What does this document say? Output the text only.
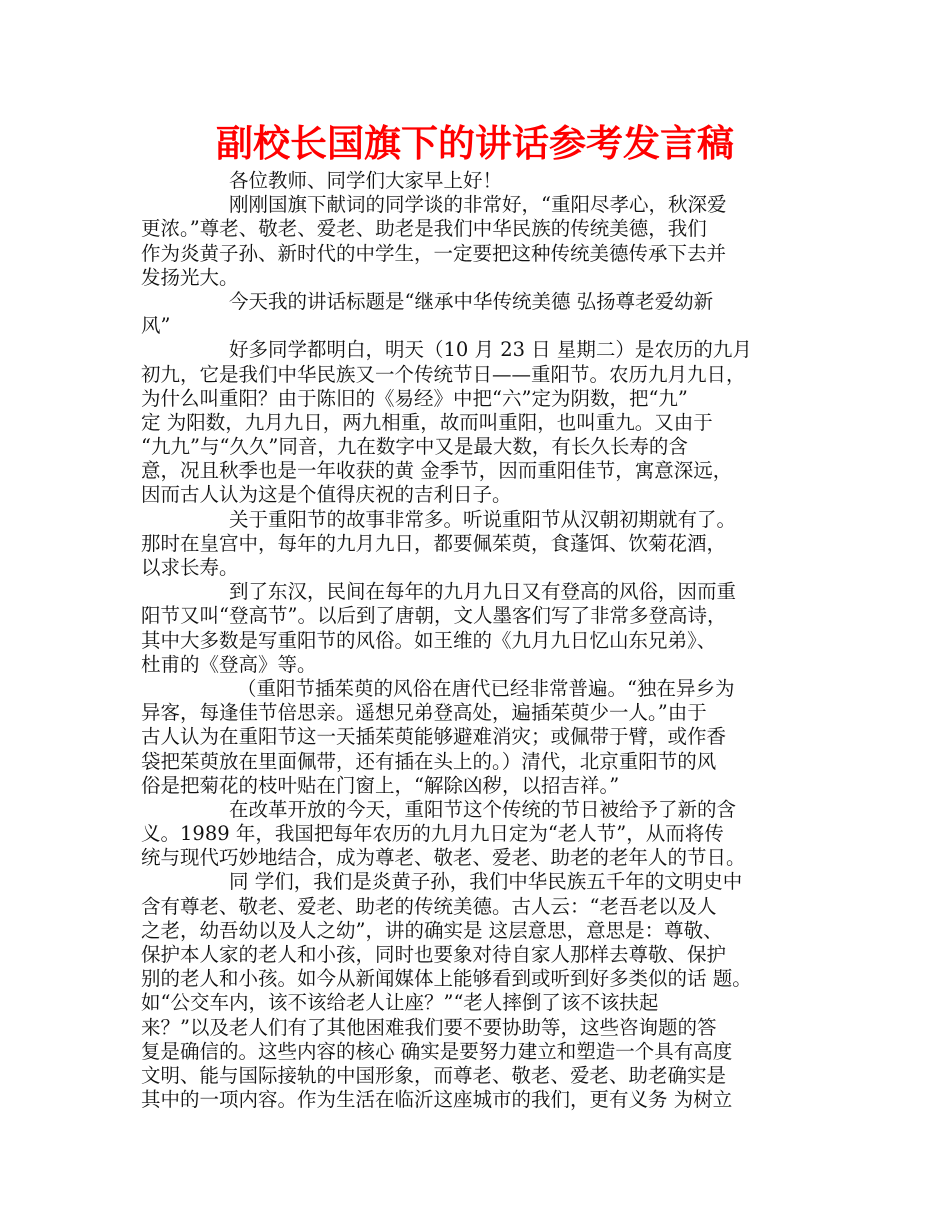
副校长国旗下的讲话参考发言稿
各位教师、同学们大家早上好！
刚刚国旗下献词的同学谈的非常好，“重阳尽孝心，秋深爱
更浓。”尊老、敬老、爱老、助老是我们中华民族的传统美德，我们
作为炎黄子孙、新时代的中学生，一定要把这种传统美德传承下去并
发扬光大。
今天我的讲话标题是“继承中华传统美德 弘扬尊老爱幼新
风”
好多同学都明白，明天（10 月 23 日 星期二）是农历的九月
初九，它是我们中华民族又一个传统节日——重阳节。农历九月九日，
为什么叫重阳？由于陈旧的《易经》中把“六”定为阴数，把“九”
定 为阳数，九月九日，两九相重，故而叫重阳，也叫重九。又由于
“九九”与“久久”同音，九在数字中又是最大数，有长久长寿的含
意，况且秋季也是一年收获的黄 金季节，因而重阳佳节，寓意深远，
因而古人认为这是个值得庆祝的吉利日子。
关于重阳节的故事非常多。听说重阳节从汉朝初期就有了。
那时在皇宫中，每年的九月九日，都要佩茱萸，食蓬饵、饮菊花酒，
以求长寿。
到了东汉，民间在每年的九月九日又有登高的风俗，因而重
阳节又叫“登高节”。以后到了唐朝，文人墨客们写了非常多登高诗，
其中大多数是写重阳节的风俗。如王维的《九月九日忆山东兄弟》、
杜甫的《登高》等。
（重阳节插茱萸的风俗在唐代已经非常普遍。“独在异乡为
异客，每逢佳节倍思亲。遥想兄弟登高处，遍插茱萸少一人。”由于
古人认为在重阳节这一天插茱萸能够避难消灾；或佩带于臂，或作香
袋把茱萸放在里面佩带，还有插在头上的。）清代，北京重阳节的风
俗是把菊花的枝叶贴在门窗上，“解除凶秽，以招吉祥。”
在改革开放的今天，重阳节这个传统的节日被给予了新的含
义。1989 年，我国把每年农历的九月九日定为“老人节”，从而将传
统与现代巧妙地结合，成为尊老、敬老、爱老、助老的老年人的节日。
同 学们，我们是炎黄子孙，我们中华民族五千年的文明史中
含有尊老、敬老、爱老、助老的传统美德。古人云：“老吾老以及人
之老，幼吾幼以及人之幼”，讲的确实是 这层意思，意思是：尊敬、
保护本人家的老人和小孩，同时也要象对待自家人那样去尊敬、保护
别的老人和小孩。如今从新闻媒体上能够看到或听到好多类似的话 题。
如“公交车内，该不该给老人让座？”“老人摔倒了该不该扶起
来？”以及老人们有了其他困难我们要不要协助等，这些咨询题的答
复是确信的。这些内容的核心 确实是要努力建立和塑造一个具有高度
文明、能与国际接轨的中国形象，而尊老、敬老、爱老、助老确实是
其中的一项内容。作为生活在临沂这座城市的我们，更有义务 为树立
